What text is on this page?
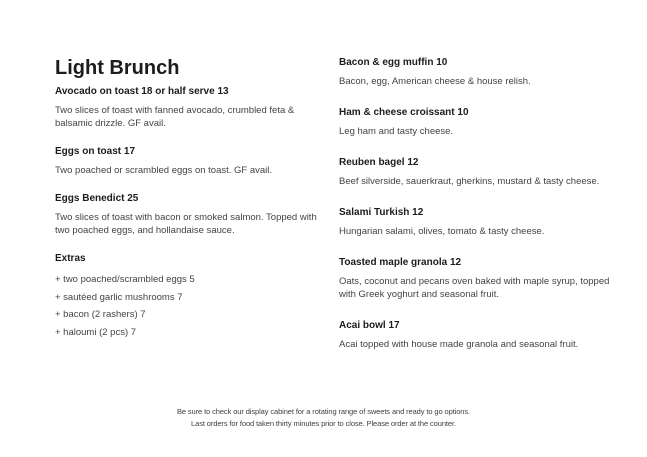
Light Brunch

Avocado on toast 18 or half serve 13

Two slices of toast with fanned avocado, crumbled feta & balsamic drizzle. GF avail.

Eggs on toast 17

Two poached or scrambled eggs on toast. GF avail.

Eggs Benedict 25

Two slices of toast with bacon or smoked salmon. Topped with two poached eggs, and hollandaise sauce.

Extras

+ two poached/scrambled eggs 5

+ sautéed garlic mushrooms 7

+ bacon (2 rashers) 7

+ haloumi (2 pcs) 7

Bacon & egg muffin 10

Bacon, egg, American cheese & house relish.

Ham & cheese croissant 10

Leg ham and tasty cheese.

Reuben bagel 12

Beef silverside, sauerkraut, gherkins, mustard & tasty cheese.

Salami Turkish 12

Hungarian salami, olives, tomato & tasty cheese.

Toasted maple granola 12

Oats, coconut and pecans oven baked with maple syrup, topped with Greek yoghurt and seasonal fruit.

Acai bowl 17

Acai topped with house made granola and seasonal fruit.

Be sure to check our display cabinet for a rotating range of sweets and ready to go options.

Last orders for food taken thirty minutes prior to close. Please order at the counter.
